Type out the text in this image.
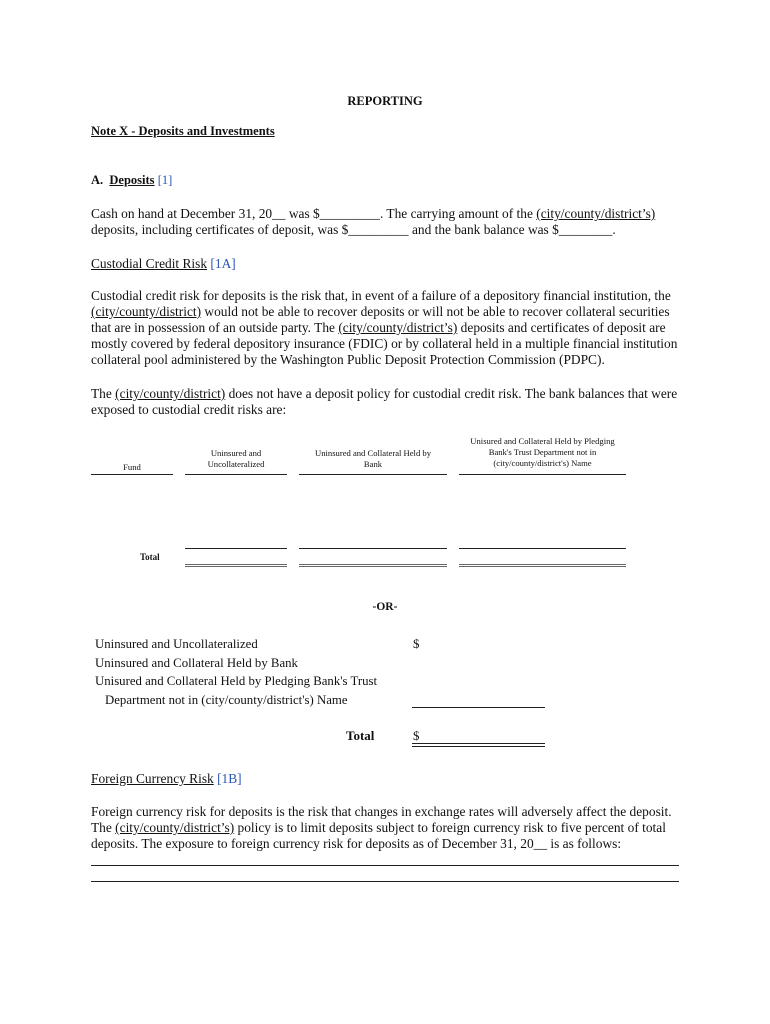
REPORTING
Note X - Deposits and Investments
A. Deposits [1]
Cash on hand at December 31, 20__ was $_________. The carrying amount of the (city/county/district’s)
deposits, including certificates of deposit, was $_________ and the bank balance was $________.
Custodial Credit Risk [1A]
Custodial credit risk for deposits is the risk that, in event of a failure of a depository financial institution, the
(city/county/district) would not be able to recover deposits or will not be able to recover collateral securities
that are in possession of an outside party. The (city/county/district’s) deposits and certificates of deposit are
mostly covered by federal depository insurance (FDIC) or by collateral held in a multiple financial institution
collateral pool administered by the Washington Public Deposit Protection Commission (PDPC).
The (city/county/district) does not have a deposit policy for custodial credit risk. The bank balances that were
exposed to custodial credit risks are:
Fund
Uninsured and
Uncollateralized
Uninsured and Collateral Held by
Bank
Unisured and Collateral Held by Pledging
Bank's Trust Department not in
(city/county/district's) Name
Total
-OR-
Uninsured and Uncollateralized
Uninsured and Collateral Held by Bank
Unisured and Collateral Held by Pledging Bank's Trust
Department not in (city/county/district's) Name
$
Total	$
Foreign Currency Risk [1B]
Foreign currency risk for deposits is the risk that changes in exchange rates will adversely affect the deposit.
The (city/county/district’s) policy is to limit deposits subject to foreign currency risk to five percent of total
deposits. The exposure to foreign currency risk for deposits as of December 31, 20__ is as follows:
